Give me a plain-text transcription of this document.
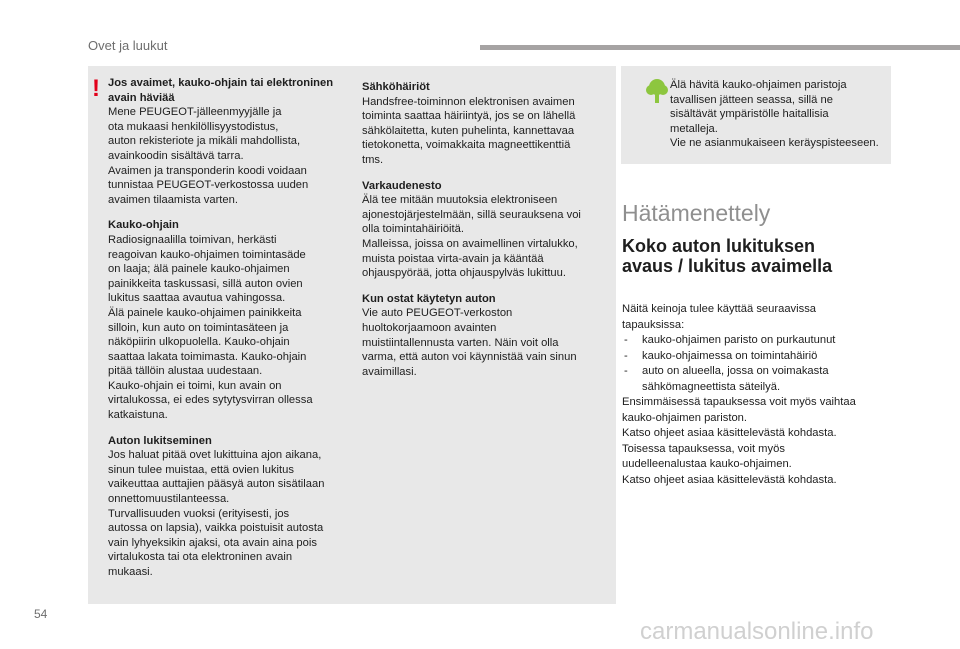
Ovet ja luukut
! Jos avaimet, kauko-ohjain tai elektroninen avain häviää

Mene PEUGEOT-jälleenmyyjälle ja
ota mukaasi henkilöllisyystodistus,
auton rekisteriote ja mikäli mahdollista,
avainkoodin sisältävä tarra.
Avaimen ja transponderin koodi voidaan
tunnistaa PEUGEOT-verkostossa uuden
avaimen tilaamista varten.

Kauko-ohjain

Radiosignaalilla toimivan, herkästi
reagoivan kauko-ohjaimen toimintasäde
on laaja; älä painele kauko-ohjaimen
painikkeita taskussasi, sillä auton ovien
lukitus saattaa avautua vahingossa.
Älä painele kauko-ohjaimen painikkeita
silloin, kun auto on toimintasäteen ja
näköpiirin ulkopuolella. Kauko-ohjain
saattaa lakata toimimasta. Kauko-ohjain
pitää tällöin alustaa uudestaan.
Kauko-ohjain ei toimi, kun avain on
virtalukossa, ei edes sytytysvirran ollessa
katkaistuna.

Auton lukitseminen

Jos haluat pitää ovet lukittuina ajon aikana,
sinun tulee muistaa, että ovien lukitus
vaikeuttaa auttajien pääsyä auton sisätilaan
onnettomuustilanteessa.
Turvallisuuden vuoksi (erityisesti, jos
autossa on lapsia), vaikka poistuisit autosta
vain lyhyeksikin ajaksi, ota avain aina pois
virtalukosta tai ota elektroninen avain
mukaasi.

Sähköhäiriöt

Handsfree-toiminnon elektronisen avaimen
toiminta saattaa häiriintyä, jos se on lähellä
sähkölaitetta, kuten puhelinta, kannettavaa
tietokonetta, voimakkaita magneettikenttiä
tms.

Varkaudenesto

Älä tee mitään muutoksia elektroniseen
ajonestojärjestelmään, sillä seurauksena voi
olla toimintahäiriöitä.
Malleissa, joissa on avaimellinen virtalukko,
muista poistaa virta-avain ja kääntää
ohjauspyörää, jotta ohjauspylväs lukittuu.

Kun ostat käytetyn auton

Vie auto PEUGEOT-verkoston
huoltokorjaamoon avainten
muistiintallennusta varten. Näin voit olla
varma, että auton voi käynnistää vain sinun
avaimillasi.

Älä hävitä kauko-ohjaimen paristoja
tavallisen jätteen seassa, sillä ne
sisältävät ympäristölle haitallisia
metalleja.
Vie ne asianmukaiseen keräyspisteeseen.
Hätämenettely
Koko auton lukituksen
avaus / lukitus avaimella

Näitä keinoja tulee käyttää seuraavissa
tapauksissa:

- kauko-ohjaimen paristo on purkautunut
- kauko-ohjaimessa on toimintahäiriö
- auto on alueella, jossa on voimakasta
sähkömagneettista säteilyä.

Ensimmäisessä tapauksessa voit myös vaihtaa
kauko-ohjaimen pariston.
Katso ohjeet asiaa käsittelevästä kohdasta.
Toisessa tapauksessa, voit myös
uudelleenalustaa kauko-ohjaimen.
Katso ohjeet asiaa käsittelevästä kohdasta.

54
carmanualsonline.info
